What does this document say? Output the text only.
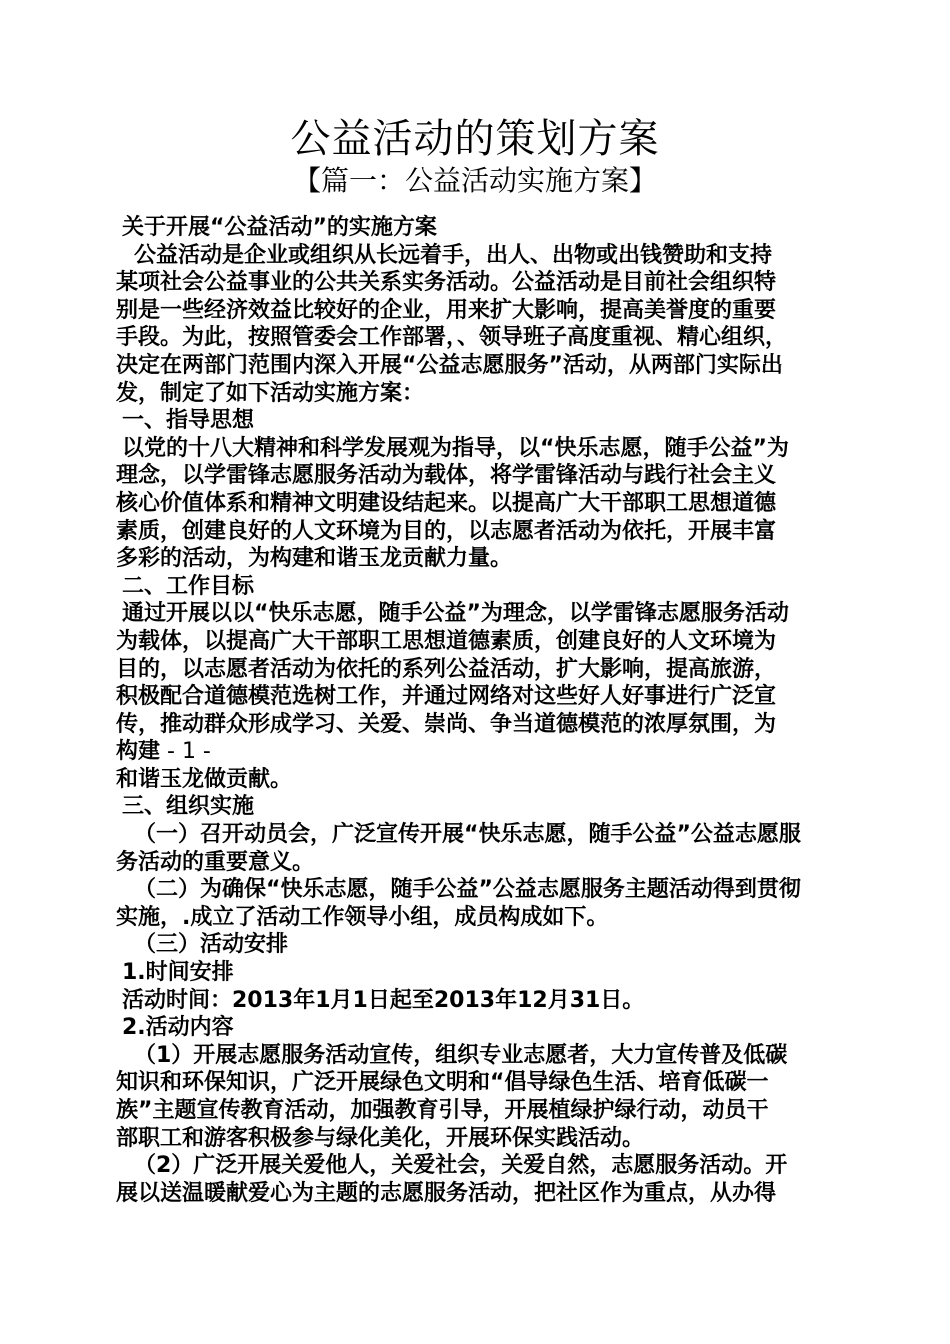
公益活动的策划方案
【篇一：公益活动实施方案】
关于开展“公益活动”的实施方案
公益活动是企业或组织从长远着手，出人、出物或出钱赞助和支持
某项社会公益事业的公共关系实务活动。公益活动是目前社会组织特
别是一些经济效益比较好的企业，用来扩大影响，提高美誉度的重要
手段。为此，按照管委会工作部署，、领导班子高度重视、精心组织，
决定在两部门范围内深入开展“公益志愿服务”活动，从两部门实际出
发，制定了如下活动实施方案：
一、指导思想
以党的十八大精神和科学发展观为指导，以“快乐志愿，随手公益”为
理念，以学雷锋志愿服务活动为载体，将学雷锋活动与践行社会主义
核心价值体系和精神文明建设结起来。以提高广大干部职工思想道德
素质，创建良好的人文环境为目的，以志愿者活动为依托，开展丰富
多彩的活动，为构建和谐玉龙贡献力量。
二、工作目标
通过开展以以“快乐志愿，随手公益”为理念，以学雷锋志愿服务活动
为载体，以提高广大干部职工思想道德素质，创建良好的人文环境为
目的，以志愿者活动为依托的系列公益活动，扩大影响，提高旅游，
积极配合道德模范选树工作，并通过网络对这些好人好事进行广泛宣
传，推动群众形成学习、关爱、崇尚、争当道德模范的浓厚氛围，为
构建 - 1 -
和谐玉龙做贡献。
三、组织实施
（一）召开动员会，广泛宣传开展“快乐志愿，随手公益”公益志愿服
务活动的重要意义。
（二）为确保“快乐志愿，随手公益”公益志愿服务主题活动得到贯彻
实施，.成立了活动工作领导小组，成员构成如下。
（三）活动安排
1.时间安排
活动时间：2013年1月1日起至2013年12月31日。
2.活动内容
（1）开展志愿服务活动宣传，组织专业志愿者，大力宣传普及低碳
知识和环保知识，广泛开展绿色文明和“倡导绿色生活、培育低碳一
族”主题宣传教育活动，加强教育引导，开展植绿护绿行动，动员干
部职工和游客积极参与绿化美化，开展环保实践活动。
（2）广泛开展关爱他人，关爱社会，关爱自然，志愿服务活动。开
展以送温暖献爱心为主题的志愿服务活动，把社区作为重点，从办得
